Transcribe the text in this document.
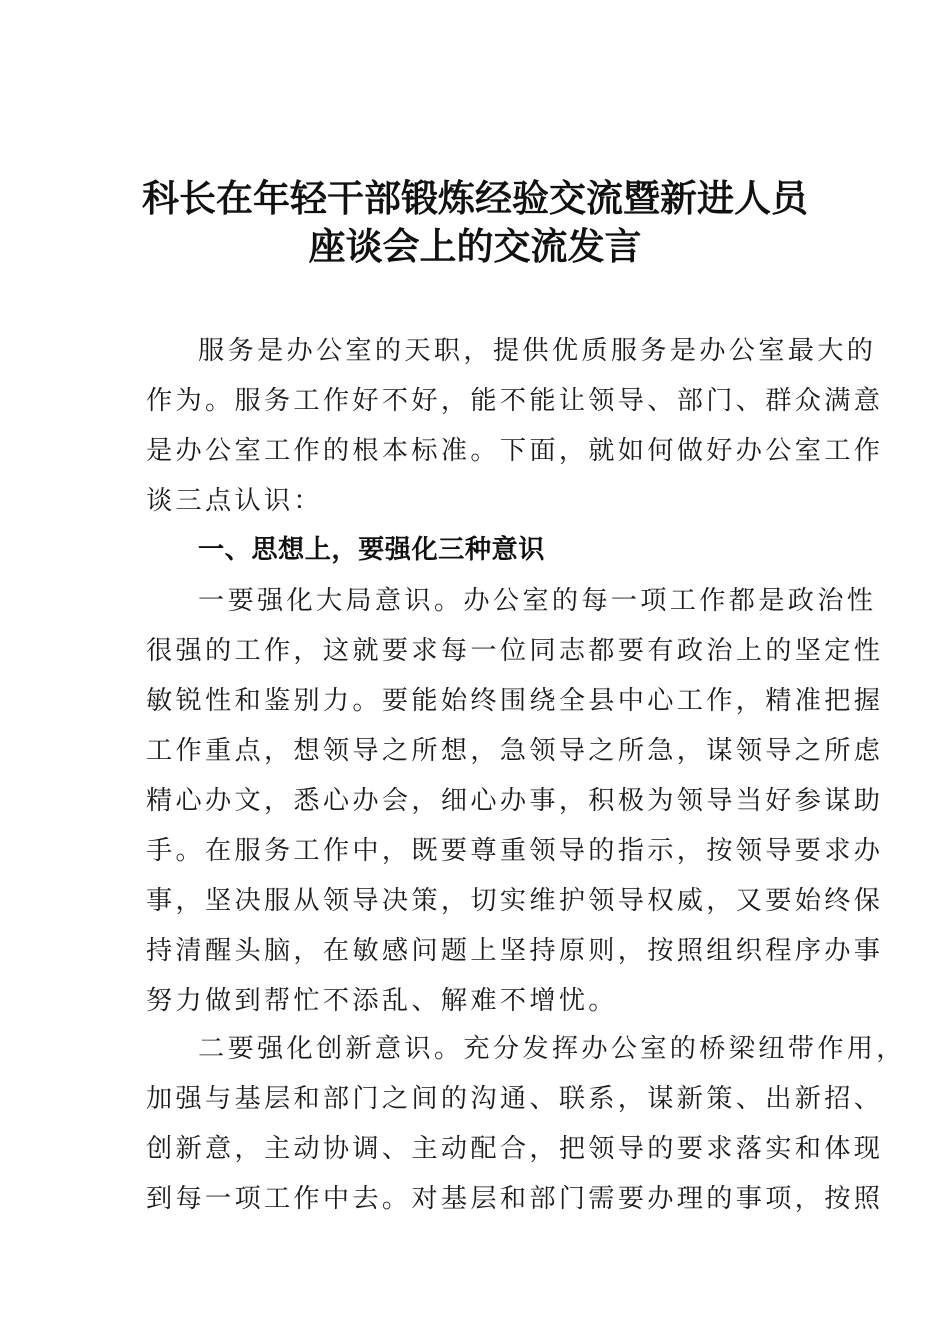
科长在年轻干部锻炼经验交流暨新进人员
座谈会上的交流发言

服务是办公室的天职，提供优质服务是办公室最大的
作为。服务工作好不好，能不能让领导、部门、群众满意
是办公室工作的根本标准。下面，就如何做好办公室工作
谈三点认识：

一、思想上，要强化三种意识

一要强化大局意识。办公室的每一项工作都是政治性
很强的工作，这就要求每一位同志都要有政治上的坚定性
敏锐性和鉴别力。要能始终围绕全县中心工作，精准把握
工作重点，想领导之所想，急领导之所急，谋领导之所虑
精心办文，悉心办会，细心办事，积极为领导当好参谋助
手。在服务工作中，既要尊重领导的指示，按领导要求办
事，坚决服从领导决策，切实维护领导权威，又要始终保
持清醒头脑，在敏感问题上坚持原则，按照组织程序办事
努力做到帮忙不添乱、解难不增忧。

二要强化创新意识。充分发挥办公室的桥梁纽带作用，
加强与基层和部门之间的沟通、联系，谋新策、出新招、
创新意，主动协调、主动配合，把领导的要求落实和体现
到每一项工作中去。对基层和部门需要办理的事项，按照
